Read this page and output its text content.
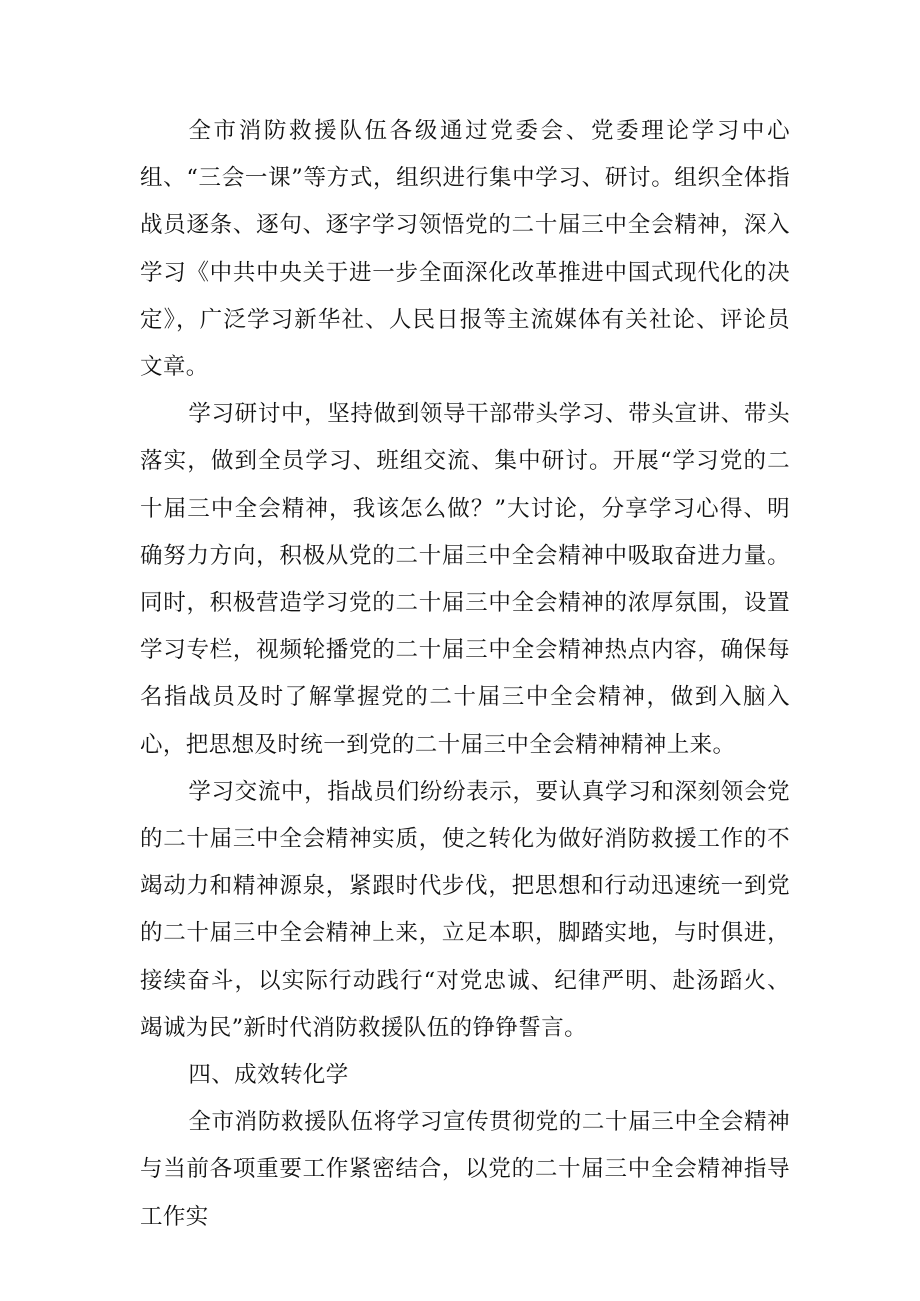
全市消防救援队伍各级通过党委会、党委理论学习中心组、“三会一课”等方式，组织进行集中学习、研讨。组织全体指战员逐条、逐句、逐字学习领悟党的二十届三中全会精神，深入学习《中共中央关于进一步全面深化改革推进中国式现代化的决定》，广泛学习新华社、人民日报等主流媒体有关社论、评论员文章。

学习研讨中，坚持做到领导干部带头学习、带头宣讲、带头落实，做到全员学习、班组交流、集中研讨。开展“学习党的二十届三中全会精神，我该怎么做？”大讨论，分享学习心得、明确努力方向，积极从党的二十届三中全会精神中吸取奋进力量。同时，积极营造学习党的二十届三中全会精神的浓厚氛围，设置学习专栏，视频轮播党的二十届三中全会精神热点内容，确保每名指战员及时了解掌握党的二十届三中全会精神，做到入脑入心，把思想及时统一到党的二十届三中全会精神精神上来。

学习交流中，指战员们纷纷表示，要认真学习和深刻领会党的二十届三中全会精神实质，使之转化为做好消防救援工作的不竭动力和精神源泉，紧跟时代步伐，把思想和行动迅速统一到党的二十届三中全会精神上来，立足本职，脚踏实地，与时俱进，接续奋斗，以实际行动践行“对党忠诚、纪律严明、赴汤蹈火、竭诚为民”新时代消防救援队伍的铮铮誓言。

四、成效转化学

全市消防救援队伍将学习宣传贯彻党的二十届三中全会精神与当前各项重要工作紧密结合，以党的二十届三中全会精神指导工作实
